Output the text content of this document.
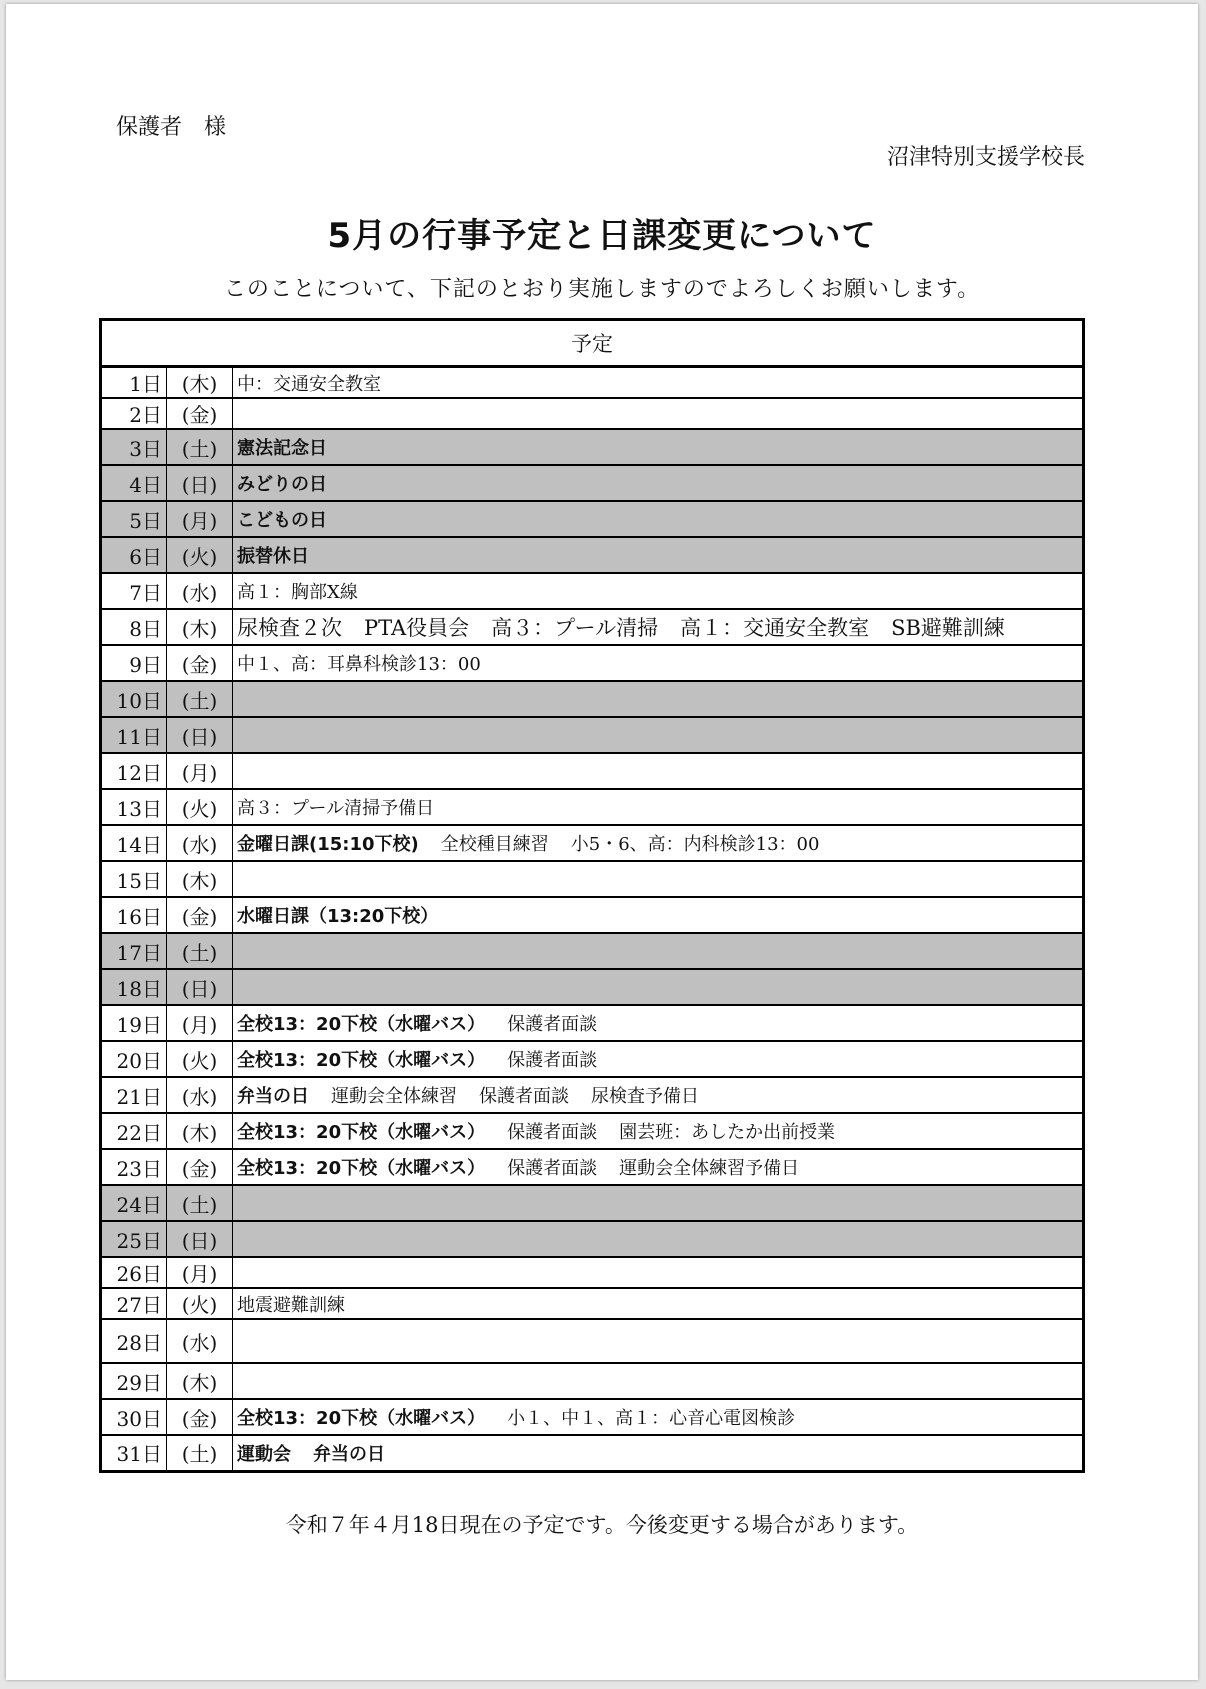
保護者　様
沼津特別支援学校長
5月の行事予定と日課変更について
このことについて、下記のとおり実施しますのでよろしくお願いします。
令和７年４月18日現在の予定です。今後変更する場合があります。
予定		
1日	(木)	中：交通安全教室
2日	(金)	
3日	(土)	憲法記念日
4日	(日)	みどりの日
5日	(月)	こどもの日
6日	(火)	振替休日
7日	(水)	高１：胸部X線
8日	(木)	尿検査２次 PTA役員会 高３：プール清掃 高１：交通安全教室 SB避難訓練
9日	(金)	中１、高：耳鼻科検診13：00
10日	(土)	
11日	(日)	
12日	(月)	
13日	(火)	高３：プール清掃予備日
14日	(水)	金曜日課(15:10下校) 全校種目練習 小5・6、高：内科検診13：00
15日	(木)	
16日	(金)	水曜日課（13:20下校）
17日	(土)	
18日	(日)	
19日	(月)	全校13：20下校（水曜バス） 保護者面談
20日	(火)	全校13：20下校（水曜バス） 保護者面談
21日	(水)	弁当の日 運動会全体練習 保護者面談 尿検査予備日
22日	(木)	全校13：20下校（水曜バス） 保護者面談 園芸班：あしたか出前授業
23日	(金)	全校13：20下校（水曜バス） 保護者面談 運動会全体練習予備日
24日	(土)	
25日	(日)	
26日	(月)	
27日	(火)	地震避難訓練
28日	(水)	
29日	(木)	
30日	(金)	全校13：20下校（水曜バス） 小１、中１、高１：心音心電図検診
31日	(土)	運動会 弁当の日
